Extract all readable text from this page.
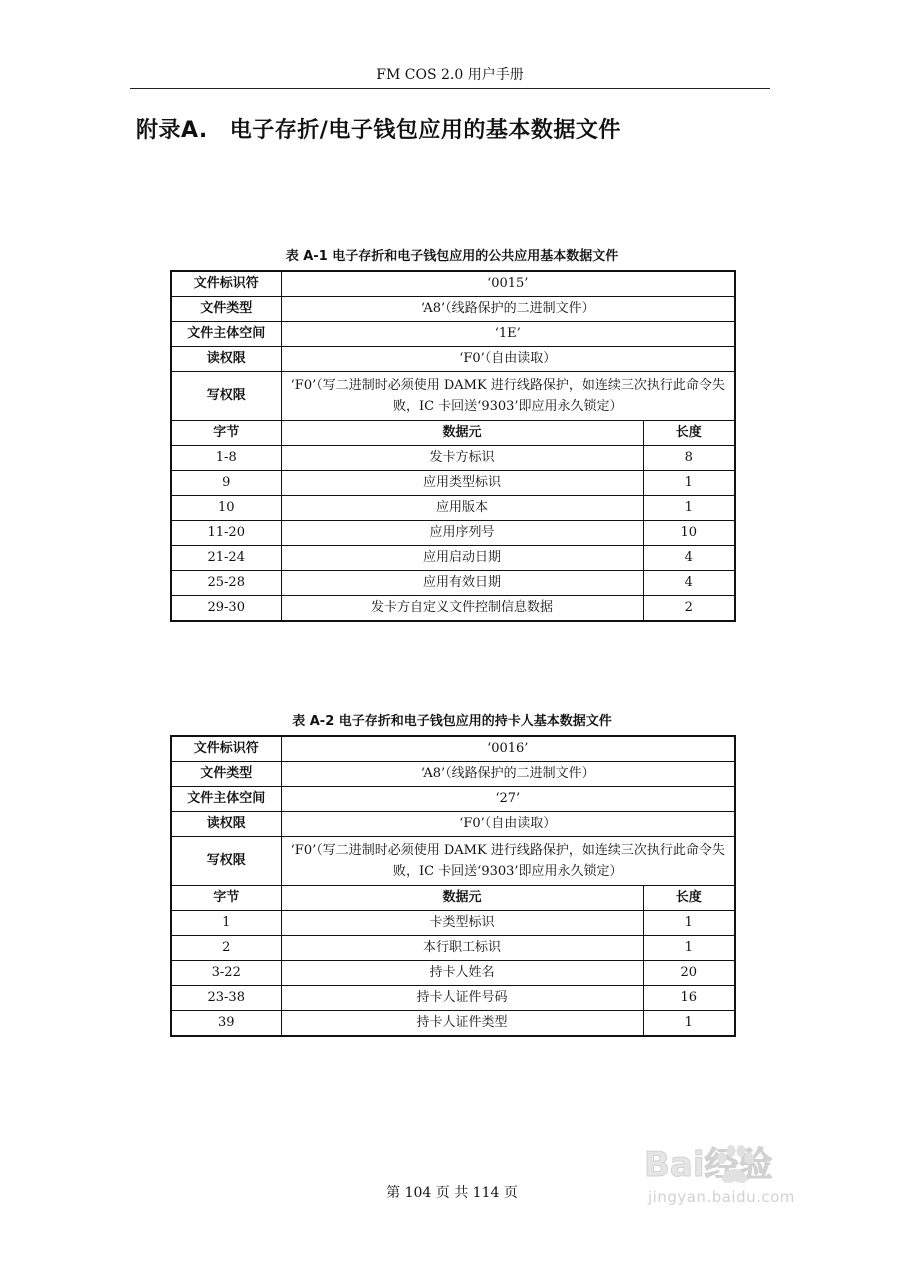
FM COS 2.0 用户手册
附录A. 电子存折/电子钱包应用的基本数据文件
表 A-1 电子存折和电子钱包应用的公共应用基本数据文件
文件标识符	‘0015’	
文件类型	‘A8’（线路保护的二进制文件）	
文件主体空间	‘1E’	
读权限	‘F0’（自由读取）	
写权限	‘F0’（写二进制时必须使用 DAMK 进行线路保护，如连续三次执行此命令失败，IC 卡回送‘9303’即应用永久锁定）	
字节	数据元	长度
1-8	发卡方标识	8
9	应用类型标识	1
10	应用版本	1
11-20	应用序列号	10
21-24	应用启动日期	4
25-28	应用有效日期	4
29-30	发卡方自定义文件控制信息数据	2
表 A-2 电子存折和电子钱包应用的持卡人基本数据文件
文件标识符	‘0016’	
文件类型	‘A8’（线路保护的二进制文件）	
文件主体空间	‘27’	
读权限	‘F0’（自由读取）	
写权限	‘F0’（写二进制时必须使用 DAMK 进行线路保护，如连续三次执行此命令失败，IC 卡回送‘9303’即应用永久锁定）	
字节	数据元	长度
1	卡类型标识	1
2	本行职工标识	1
3-22	持卡人姓名	20
23-38	持卡人证件号码	16
39	持卡人证件类型	1
第 104 页 共 114 页
Bai经验
jingyan.baidu.com
